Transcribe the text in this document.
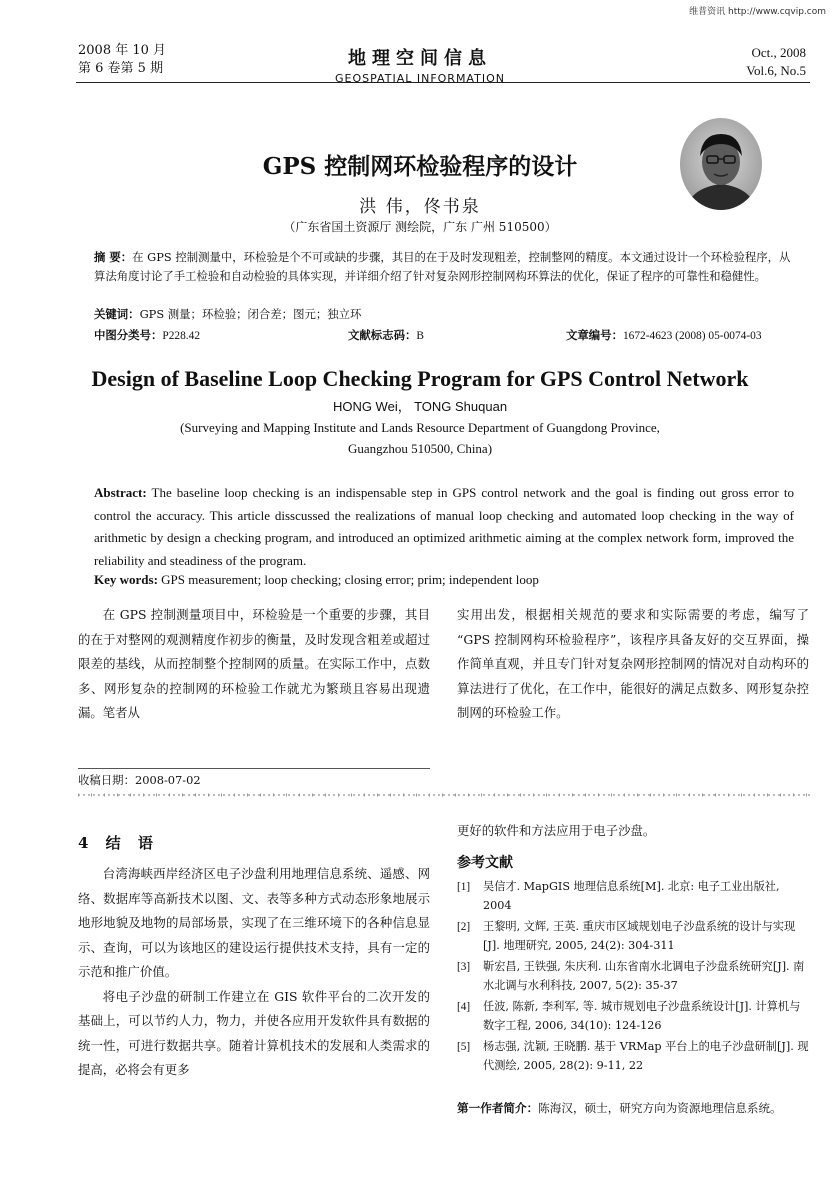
维普资讯 http://www.cqvip.com
2008 年 10 月
第 6 卷第 5 期	地理空间信息
GEOSPATIAL INFORMATION
Oct., 2008
Vol.6, No.5
GPS 控制网环检验程序的设计
洪 伟，佟书泉
（广东省国土资源厅 测绘院，广东 广州 510500）
摘 要：在 GPS 控制测量中，环检验是个不可或缺的步骤，其目的在于及时发现粗差，控制整网的精度。本文通过设计一个环检验程序，从算法角度讨论了手工检验和自动检验的具体实现，并详细介绍了针对复杂网形控制网构环算法的优化，保证了程序的可靠性和稳健性。
关键词：GPS 测量；环检验；闭合差；图元；独立环
中图分类号：P228.42	文献标志码：B	文章编号：1672-4623 (2008) 05-0074-03
Design of Baseline Loop Checking Program for GPS Control Network
HONG Wei， TONG Shuquan
(Surveying and Mapping Institute and Lands Resource Department of Guangdong Province,
Guangzhou 510500, China)
Abstract: The baseline loop checking is an indispensable step in GPS control network and the goal is finding out gross error to control the accuracy. This article disscussed the realizations of manual loop checking and automated loop checking in the way of arithmetic by design a checking program, and introduced an optimized arithmetic aiming at the complex network form, improved the reliability and steadiness of the program.
Key words: GPS measurement; loop checking; closing error; prim; independent loop

在 GPS 控制测量项目中，环检验是一个重要的步骤，其目的在于对整网的观测精度作初步的衡量，及时发现含粗差或超过限差的基线，从而控制整个控制网的质量。在实际工作中，点数多、网形复杂的控制网的环检验工作就尤为繁琐且容易出现遗漏。笔者从

实用出发，根据相关规范的要求和实际需要的考虑，编写了 “GPS 控制网构环检验程序”，该程序具备友好的交互界面，操作简单直观，并且专门针对复杂网形控制网的情况对自动构环的算法进行了优化，在工作中，能很好的满足点数多、网形复杂控制网的环检验工作。

收稿日期：2008-07-02
4 结 语

台湾海峡西岸经济区电子沙盘利用地理信息系统、遥感、网络、数据库等高新技术以图、文、表等多种方式动态形象地展示地形地貌及地物的局部场景，实现了在三维环境下的各种信息显示、查询，可以为该地区的建设运行提供技术支持，具有一定的示范和推广价值。

将电子沙盘的研制工作建立在 GIS 软件平台的二次开发的基础上，可以节约人力，物力，并使各应用开发软件具有数据的统一性，可进行数据共享。随着计算机技术的发展和人类需求的提高，必将会有更多

更好的软件和方法应用于电子沙盘。
参考文献
[1]	吴信才. MapGIS 地理信息系统[M]. 北京: 电子工业出版社, 2004
[2]	王黎明, 文辉, 王英. 重庆市区域规划电子沙盘系统的设计与实现[J]. 地理研究, 2005, 24(2): 304-311
[3]	靳宏昌, 王铁强, 朱庆利. 山东省南水北调电子沙盘系统研究[J]. 南水北调与水利科技, 2007, 5(2): 35-37
[4]	任波, 陈新, 李利军, 等. 城市规划电子沙盘系统设计[J]. 计算机与数字工程, 2006, 34(10): 124-126
[5]	杨志强, 沈颖, 王晓鹏. 基于 VRMap 平台上的电子沙盘研制[J]. 现代测绘, 2005, 28(2): 9-11, 22
第一作者简介：陈海汉，硕士，研究方向为资源地理信息系统。
